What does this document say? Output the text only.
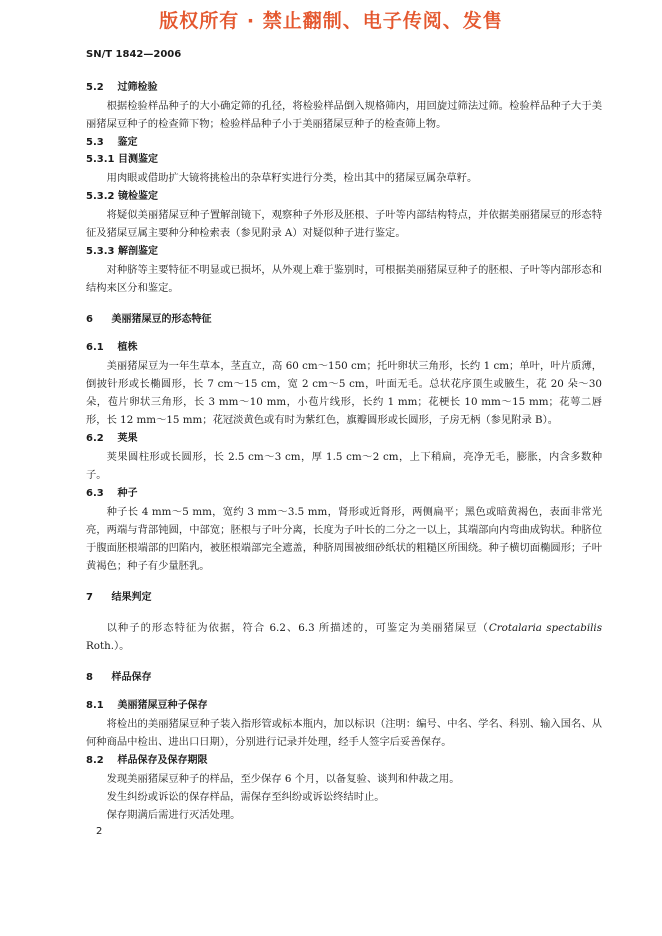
版权所有 · 禁止翻制、电子传阅、发售
SN/T 1842—2006
5.2 过筛检验

根据检验样品种子的大小确定筛的孔径，将检验样品倒入规格筛内，用回旋过筛法过筛。检验样品种子大于美丽猪屎豆种子的检查筛下物；检验样品种子小于美丽猪屎豆种子的检查筛上物。

5.3 鉴定
5.3.1 目测鉴定

用肉眼或借助扩大镜将挑检出的杂草籽实进行分类，检出其中的猪屎豆属杂草籽。

5.3.2 镜检鉴定

将疑似美丽猪屎豆种子置解剖镜下，观察种子外形及胚根、子叶等内部结构特点，并依据美丽猪屎豆的形态特征及猪屎豆属主要种分种检索表（参见附录 A）对疑似种子进行鉴定。

5.3.3 解剖鉴定

对种脐等主要特征不明显或已损坏，从外观上难于鉴别时，可根据美丽猪屎豆种子的胚根、子叶等内部形态和结构来区分和鉴定。

6 美丽猪屎豆的形态特征
6.1 植株

美丽猪屎豆为一年生草本，茎直立，高 60 cm～150 cm；托叶卵状三角形，长约 1 cm；单叶，叶片质薄，倒披针形或长椭圆形，长 7 cm～15 cm，宽 2 cm～5 cm，叶面无毛。总状花序顶生或腋生，花 20 朵～30 朵，苞片卵状三角形，长 3 mm～10 mm，小苞片线形，长约 1 mm；花梗长 10 mm～15 mm；花萼二唇形，长 12 mm～15 mm；花冠淡黄色或有时为紫红色，旗瓣圆形或长圆形，子房无柄（参见附录 B）。

6.2 荚果

荚果圆柱形或长圆形，长 2.5 cm～3 cm，厚 1.5 cm～2 cm，上下稍扁，亮净无毛，膨胀，内含多数种子。

6.3 种子

种子长 4 mm～5 mm，宽约 3 mm～3.5 mm，肾形或近肾形，两侧扁平；黑色或暗黄褐色，表面非常光亮，两端与背部钝圆，中部宽；胚根与子叶分离，长度为子叶长的二分之一以上，其端部向内弯曲成钩状。种脐位于腹面胚根端部的凹陷内，被胚根端部完全遮盖，种脐周围被细砂纸状的粗糙区所围绕。种子横切面椭圆形；子叶黄褐色；种子有少量胚乳。

7 结果判定

以种子的形态特征为依据，符合 6.2、6.3 所描述的，可鉴定为美丽猪屎豆（Crotalaria spectabilis Roth.）。

8 样品保存
8.1 美丽猪屎豆种子保存

将检出的美丽猪屎豆种子装入指形管或标本瓶内，加以标识（注明：编号、中名、学名、科别、输入国名、从何种商品中检出、进出口日期），分别进行记录并处理，经手人签字后妥善保存。

8.2 样品保存及保存期限

发现美丽猪屎豆种子的样品，至少保存 6 个月，以备复验、谈判和仲裁之用。

发生纠纷或诉讼的保存样品，需保存至纠纷或诉讼终结时止。

保存期满后需进行灭活处理。

2
